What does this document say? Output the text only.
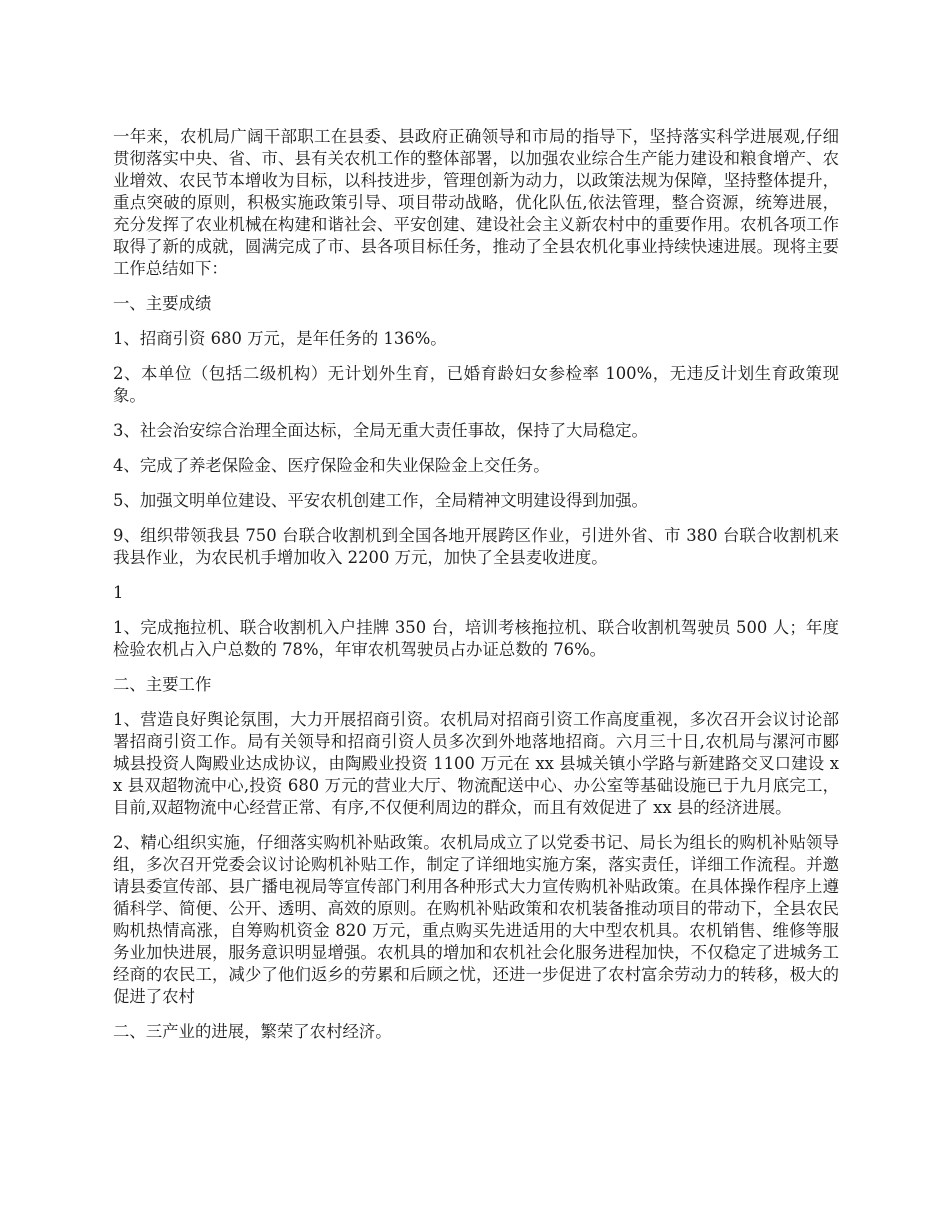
一年来，农机局广阔干部职工在县委、县政府正确领导和市局的指导下，坚持落实科学进展观,仔细贯彻落实中央、省、市、县有关农机工作的整体部署，以加强农业综合生产能力建设和粮食增产、农业增效、农民节本增收为目标，以科技进步，管理创新为动力，以政策法规为保障，坚持整体提升，重点突破的原则，积极实施政策引导、项目带动战略，优化队伍,依法管理，整合资源，统筹进展，充分发挥了农业机械在构建和谐社会、平安创建、建设社会主义新农村中的重要作用。农机各项工作取得了新的成就，圆满完成了市、县各项目标任务，推动了全县农机化事业持续快速进展。现将主要工作总结如下：

一、主要成绩

1、招商引资 680 万元，是年任务的 136%。

2、本单位（包括二级机构）无计划外生育，已婚育龄妇女参检率 100%，无违反计划生育政策现象。

3、社会治安综合治理全面达标，全局无重大责任事故，保持了大局稳定。

4、完成了养老保险金、医疗保险金和失业保险金上交任务。

5、加强文明单位建设、平安农机创建工作，全局精神文明建设得到加强。

9、组织带领我县 750 台联合收割机到全国各地开展跨区作业，引进外省、市 380 台联合收割机来我县作业，为农民机手增加收入 2200 万元，加快了全县麦收进度。

1

1、完成拖拉机、联合收割机入户挂牌 350 台，培训考核拖拉机、联合收割机驾驶员 500 人；年度检验农机占入户总数的 78%，年审农机驾驶员占办证总数的 76%。

二、主要工作

1、营造良好舆论氛围，大力开展招商引资。农机局对招商引资工作高度重视，多次召开会议讨论部署招商引资工作。局有关领导和招商引资人员多次到外地落地招商。六月三十日,农机局与漯河市郾城县投资人陶殿业达成协议，由陶殿业投资 1100 万元在 xx 县城关镇小学路与新建路交叉口建设 xx 县双超物流中心,投资 680 万元的营业大厅、物流配送中心、办公室等基础设施已于九月底完工，目前,双超物流中心经营正常、有序,不仅便利周边的群众，而且有效促进了 xx 县的经济进展。

2、精心组织实施，仔细落实购机补贴政策。农机局成立了以党委书记、局长为组长的购机补贴领导组，多次召开党委会议讨论购机补贴工作，制定了详细地实施方案，落实责任，详细工作流程。并邀请县委宣传部、县广播电视局等宣传部门利用各种形式大力宣传购机补贴政策。在具体操作程序上遵循科学、简便、公开、透明、高效的原则。在购机补贴政策和农机装备推动项目的带动下，全县农民购机热情高涨，自筹购机资金 820 万元，重点购买先进适用的大中型农机具。农机销售、维修等服务业加快进展，服务意识明显增强。农机具的增加和农机社会化服务进程加快，不仅稳定了进城务工经商的农民工，减少了他们返乡的劳累和后顾之忧，还进一步促进了农村富余劳动力的转移，极大的促进了农村

二、三产业的进展，繁荣了农村经济。
